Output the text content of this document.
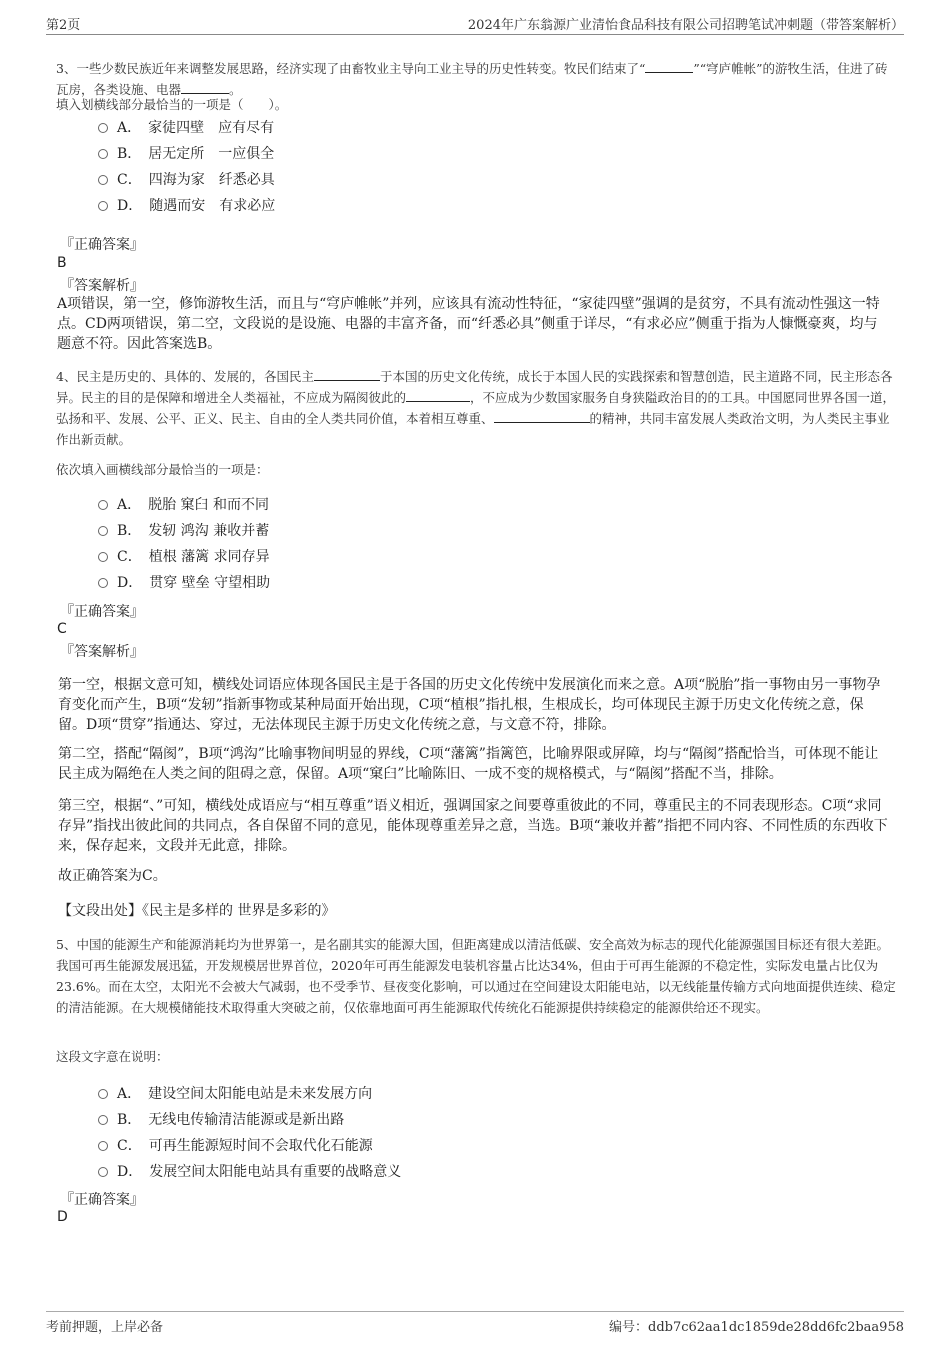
第2页	2024年广东翁源广业清怡食品科技有限公司招聘笔试冲刺题（带答案解析）
3、一些少数民族近年来调整发展思路，经济实现了由畜牧业主导向工业主导的历史性转变。牧民们结束了“	”“穹庐帷帐”的游牧生活，住进了砖瓦房，各类设施、电器	。
填入划横线部分最恰当的一项是（　　）。
A．　家徒四壁　应有尽有
B．　居无定所　一应俱全
C．　四海为家　纤悉必具
D．　随遇而安　有求必应
『正确答案』
B
『答案解析』
A项错误，第一空，修饰游牧生活，而且与“穹庐帷帐”并列，应该具有流动性特征，“家徒四壁”强调的是贫穷，不具有流动性强这一特点。CD两项错误，第二空，文段说的是设施、电器的丰富齐备，而“纤悉必具”侧重于详尽，“有求必应”侧重于指为人慷慨豪爽，均与题意不符。因此答案选B。
4、民主是历史的、具体的、发展的，各国民主	于本国的历史文化传统，成长于本国人民的实践探索和智慧创造，民主道路不同，民主形态各异。民主的目的是保障和增进全人类福祉，不应成为隔阂彼此的	，不应成为少数国家服务自身狭隘政治目的的工具。中国愿同世界各国一道，弘扬和平、发展、公平、正义、民主、自由的全人类共同价值，本着相互尊重、	的精神，共同丰富发展人类政治文明，为人类民主事业作出新贡献。
依次填入画横线部分最恰当的一项是：
A．　脱胎 窠臼 和而不同
B．　发轫 鸿沟 兼收并蓄
C．　植根 藩篱 求同存异
D．　贯穿 壁垒 守望相助
『正确答案』
C
『答案解析』
第一空，根据文意可知，横线处词语应体现各国民主是于各国的历史文化传统中发展演化而来之意。A项“脱胎”指一事物由另一事物孕育变化而产生，B项“发轫”指新事物或某种局面开始出现，C项“植根”指扎根，生根成长，均可体现民主源于历史文化传统之意，保留。D项“贯穿”指通达、穿过，无法体现民主源于历史文化传统之意，与文意不符，排除。
第二空，搭配“隔阂”，B项“鸿沟”比喻事物间明显的界线，C项“藩篱”指篱笆，比喻界限或屏障，均与“隔阂”搭配恰当，可体现不能让民主成为隔绝在人类之间的阻碍之意，保留。A项“窠臼”比喻陈旧、一成不变的规格模式，与“隔阂”搭配不当，排除。
第三空，根据“、”可知，横线处成语应与“相互尊重”语义相近，强调国家之间要尊重彼此的不同，尊重民主的不同表现形态。C项“求同存异”指找出彼此间的共同点，各自保留不同的意见，能体现尊重差异之意，当选。B项“兼收并蓄”指把不同内容、不同性质的东西收下来，保存起来，文段并无此意，排除。
故正确答案为C。
【文段出处】《民主是多样的 世界是多彩的》
5、中国的能源生产和能源消耗均为世界第一，是名副其实的能源大国，但距离建成以清洁低碳、安全高效为标志的现代化能源强国目标还有很大差距。我国可再生能源发展迅猛，开发规模居世界首位，2020年可再生能源发电装机容量占比达34%，但由于可再生能源的不稳定性，实际发电量占比仅为23.6%。而在太空，太阳光不会被大气减弱，也不受季节、昼夜变化影响，可以通过在空间建设太阳能电站，以无线能量传输方式向地面提供连续、稳定的清洁能源。在大规模储能技术取得重大突破之前，仅依靠地面可再生能源取代传统化石能源提供持续稳定的能源供给还不现实。
这段文字意在说明：
A．　建设空间太阳能电站是未来发展方向
B．　无线电传输清洁能源或是新出路
C．　可再生能源短时间不会取代化石能源
D．　发展空间太阳能电站具有重要的战略意义
『正确答案』
D
考前押题，上岸必备	编号：ddb7c62aa1dc1859de28dd6fc2baa958
